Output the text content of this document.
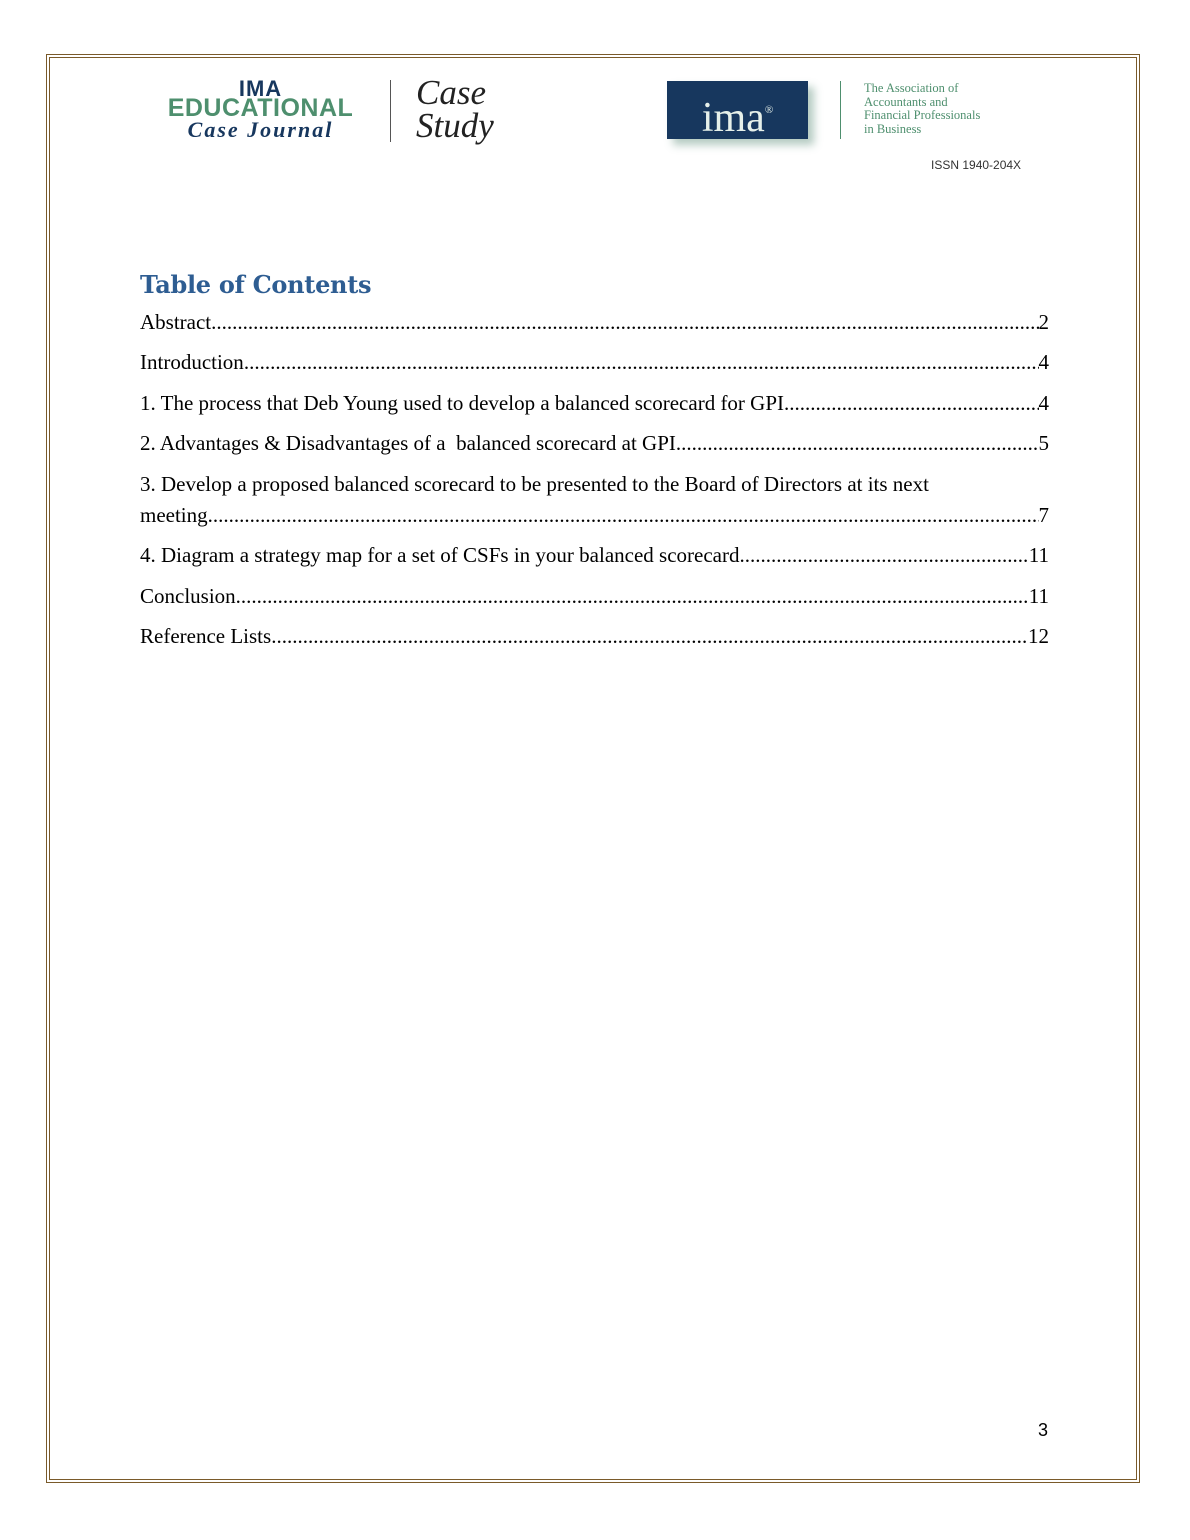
IMA
EDUCATIONAL
Case Journal
Case
Study	ima®
The Association of
Accountants and
Financial Professionals
in Business
ISSN 1940-204X
Table of Contents
Abstract .....	2
Introduction .....	4
1. The process that Deb Young used to develop a balanced scorecard for GPI .....	4
2. Advantages & Disadvantages of a  balanced scorecard at GPI .....	5
3. Develop a proposed balanced scorecard to be presented to the Board of Directors at its next
meeting .....	7
4. Diagram a strategy map for a set of CSFs in your balanced scorecard .....	11
Conclusion .....	11
Reference Lists .....	12
3
